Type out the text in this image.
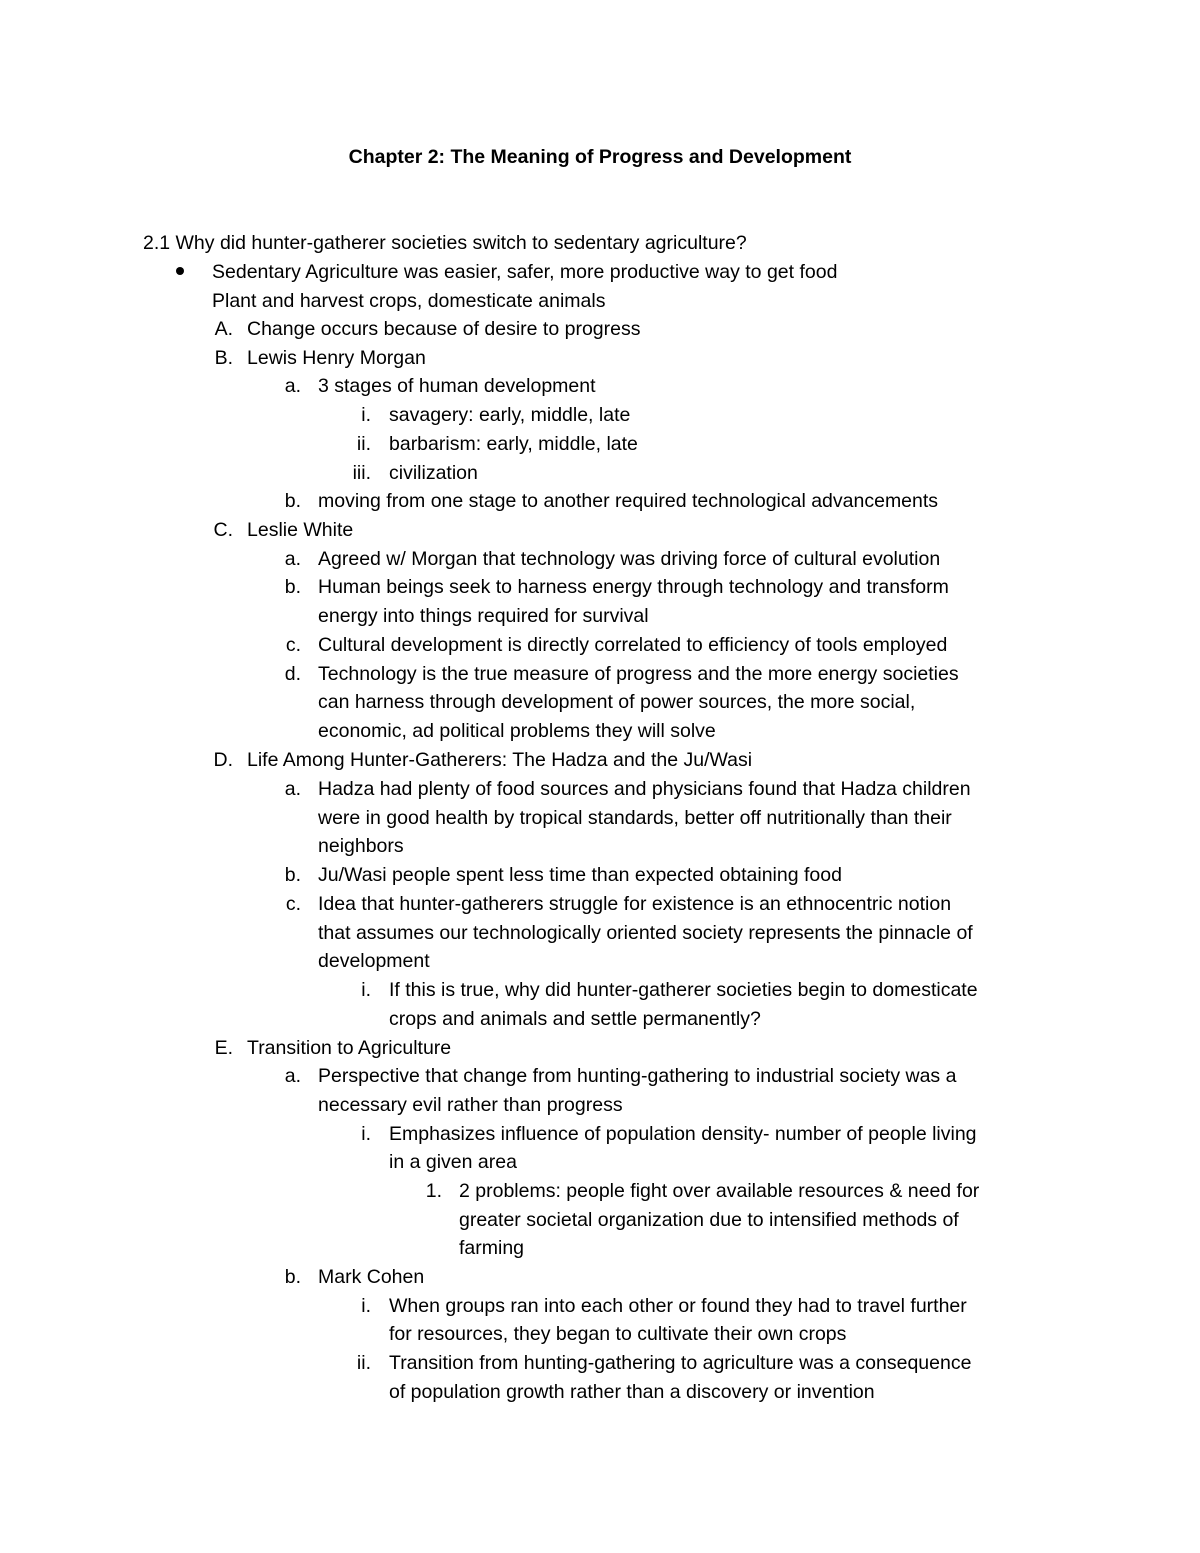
Chapter 2: The Meaning of Progress and Development
2.1 Why did hunter-gatherer societies switch to sedentary agriculture?
Sedentary Agriculture was easier, safer, more productive way to get food
Plant and harvest crops, domesticate animals
A. Change occurs because of desire to progress
B. Lewis Henry Morgan
a. 3 stages of human development
i. savagery: early, middle, late
ii. barbarism: early, middle, late
iii. civilization
b. moving from one stage to another required technological advancements
C. Leslie White
a. Agreed w/ Morgan that technology was driving force of cultural evolution
b. Human beings seek to harness energy through technology and transform
energy into things required for survival
c. Cultural development is directly correlated to efficiency of tools employed
d. Technology is the true measure of progress and the more energy societies
can harness through development of power sources, the more social,
economic, ad political problems they will solve
D. Life Among Hunter-Gatherers: The Hadza and the Ju/Wasi
a. Hadza had plenty of food sources and physicians found that Hadza children
were in good health by tropical standards, better off nutritionally than their
neighbors
b. Ju/Wasi people spent less time than expected obtaining food
c. Idea that hunter-gatherers struggle for existence is an ethnocentric notion
that assumes our technologically oriented society represents the pinnacle of
development
i. If this is true, why did hunter-gatherer societies begin to domesticate
crops and animals and settle permanently?
E. Transition to Agriculture
a. Perspective that change from hunting-gathering to industrial society was a
necessary evil rather than progress
i. Emphasizes influence of population density- number of people living
in a given area
1. 2 problems: people fight over available resources & need for
greater societal organization due to intensified methods of
farming
b. Mark Cohen
i. When groups ran into each other or found they had to travel further
for resources, they began to cultivate their own crops
ii. Transition from hunting-gathering to agriculture was a consequence
of population growth rather than a discovery or invention
